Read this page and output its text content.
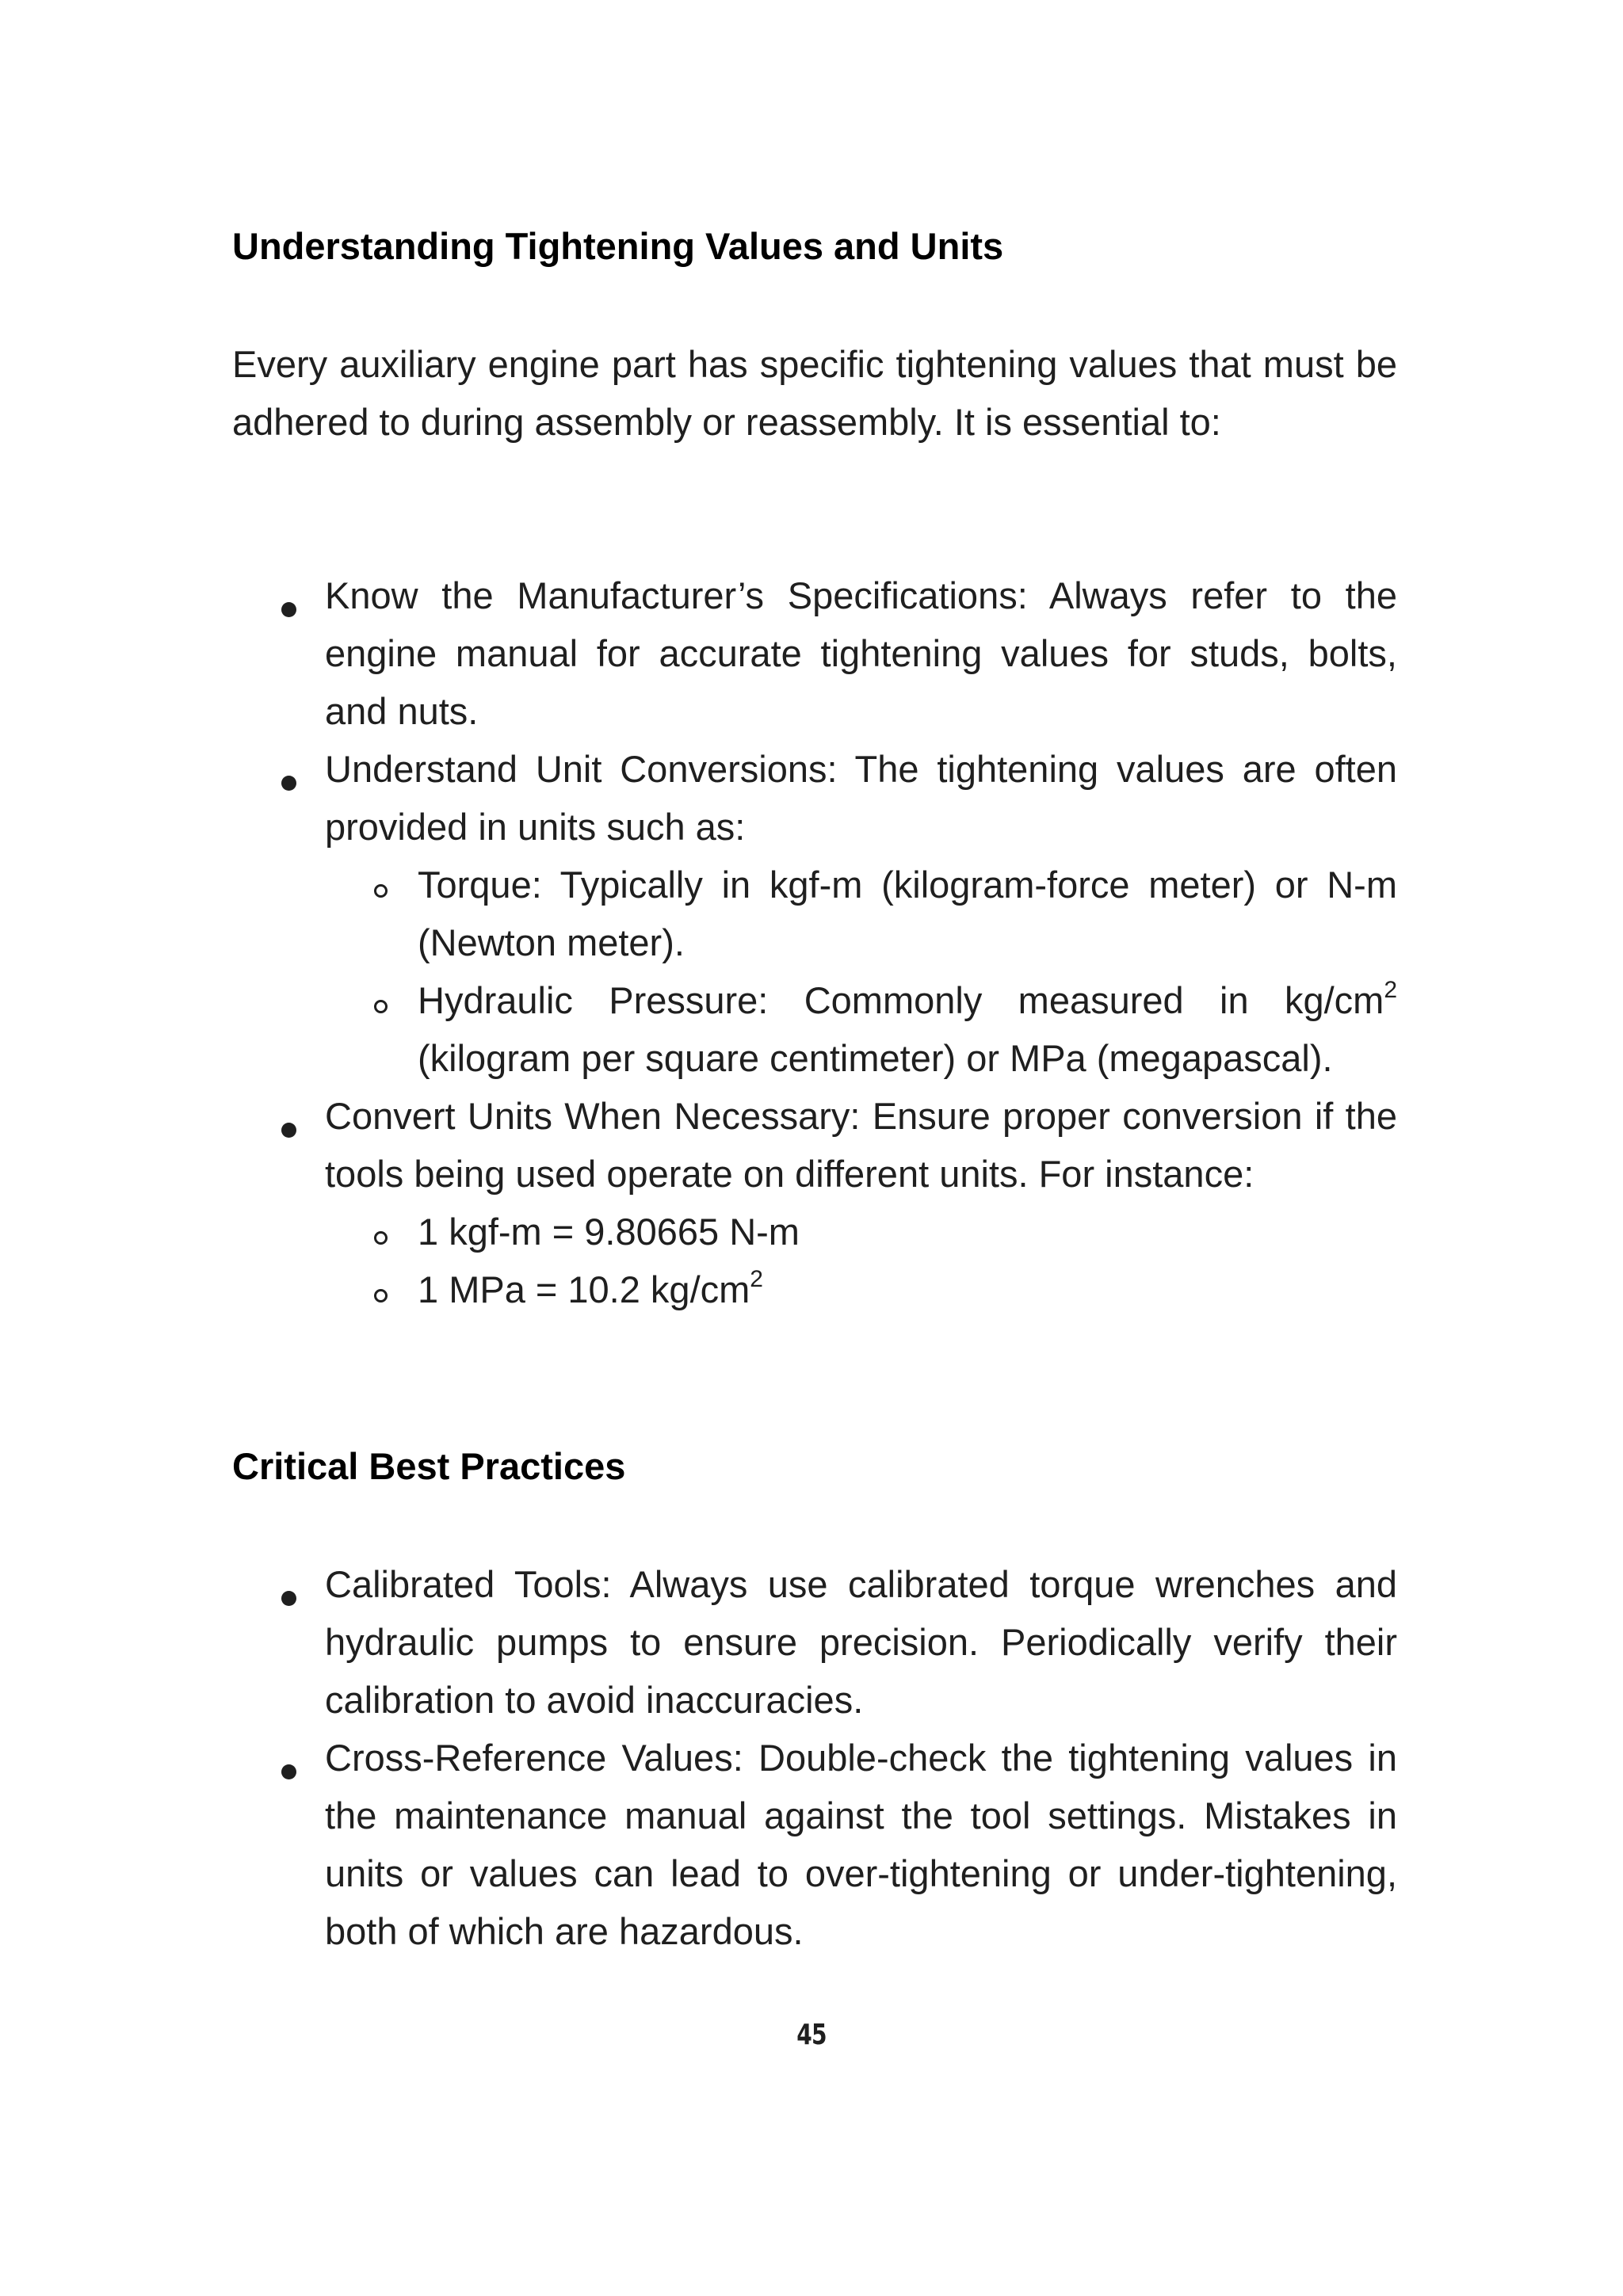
Understanding Tightening Values and Units
Every auxiliary engine part has specific tightening values that must be adhered to during assembly or reassembly. It is essential to:
Know the Manufacturer’s Specifications: Always refer to the engine manual for accurate tightening values for studs, bolts, and nuts.
Understand Unit Conversions: The tightening values are often provided in units such as:
Torque: Typically in kgf-m (kilogram-force meter) or N-m (Newton meter).
Hydraulic Pressure: Commonly measured in $kg/cm^2$ (kilogram per square centimeter) or MPa (megapascal).
Convert Units When Necessary: Ensure proper conversion if the tools being used operate on different units. For instance:
1 kgf-m = 9.80665 N-m
1 MPa = 10.2 $kg/cm^2$
Critical Best Practices
Calibrated Tools: Always use calibrated torque wrenches and hydraulic pumps to ensure precision. Periodically verify their calibration to avoid inaccuracies.
Cross-Reference Values: Double-check the tightening values in the maintenance manual against the tool settings. Mistakes in units or values can lead to over-tightening or under-tightening, both of which are hazardous.
45
